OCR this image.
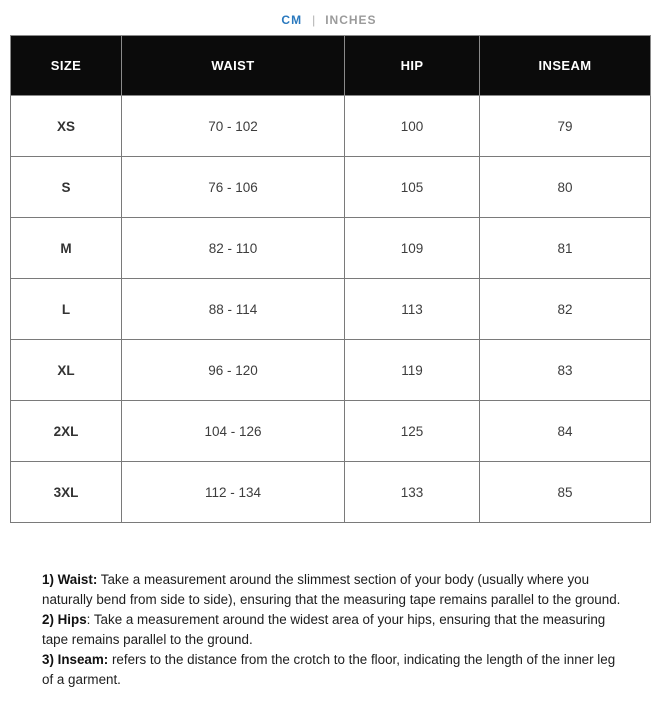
CM | INCHES
SIZE	WAIST	HIP	INSEAM
XS	70 - 102	100	79
S	76 - 106	105	80
M	82 - 110	109	81
L	88 - 114	113	82
XL	96 - 120	119	83
2XL	104 - 126	125	84
3XL	112 - 134	133	85

1) Waist: Take a measurement around the slimmest section of your body (usually where you naturally bend from side to side), ensuring that the measuring tape remains parallel to the ground.

2) Hips: Take a measurement around the widest area of your hips, ensuring that the measuring tape remains parallel to the ground.

3) Inseam: refers to the distance from the crotch to the floor, indicating the length of the inner leg of a garment.
